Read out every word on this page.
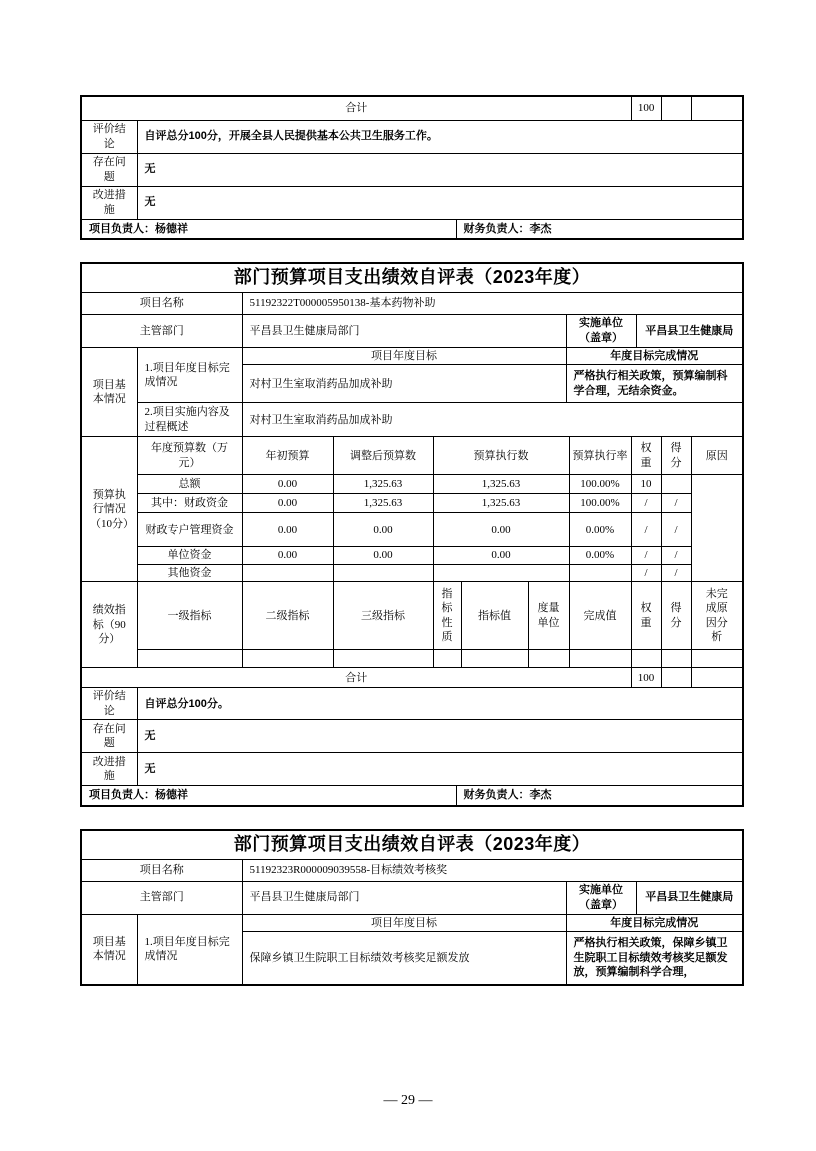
合计			100		
评价结论	自评总分100分，开展全县人民提供基本公共卫生服务工作。				
存在问题	无				
改进措施	无				
项目负责人：杨德祥		财务负责人：李杰			
部门预算项目支出绩效自评表（2023年度）													
项目名称		51192322T000005950138-基本药物补助											
主管部门		平昌县卫生健康局部门						实施单位（盖章）			平昌县卫生健康局		
项目基本情况	1.项目年度目标完成情况	项目年度目标						年度目标完成情况					
		对村卫生室取消药品加成补助						严格执行相关政策，预算编制科学合理，无结余资金。					
	2.项目实施内容及过程概述	对村卫生室取消药品加成补助											
预算执行情况（10分）	年度预算数（万元）	年初预算	调整后预算数	预算执行数					预算执行率	权重		得分	原因
	总额	0.00	1,325.63	1,325.63					100.00%	10			
	其中：财政资金	0.00	1,325.63	1,325.63					100.00%	/		/	
	财政专户管理资金	0.00	0.00	0.00					0.00%	/		/	
	单位资金	0.00	0.00	0.00					0.00%	/		/	
	其他资金									/		/	
绩效指标（90分）	一级指标	二级指标	三级指标	指标性质		指标值	度量单位		完成值	权重		得分	未完成原因分析

合计										100			
评价结论	自评总分100分。												
存在问题	无												
改进措施	无												
项目负责人：杨德祥					财务负责人：李杰								
部门预算项目支出绩效自评表（2023年度）				
项目名称		51192323R000009039558-目标绩效考核奖		
主管部门		平昌县卫生健康局部门	实施单位（盖章）	平昌县卫生健康局
项目基本情况	1.项目年度目标完成情况	项目年度目标	年度目标完成情况	
		保障乡镇卫生院职工目标绩效考核奖足额发放	严格执行相关政策，保障乡镇卫生院职工目标绩效考核奖足额发放，预算编制科学合理，	
— 29 —
